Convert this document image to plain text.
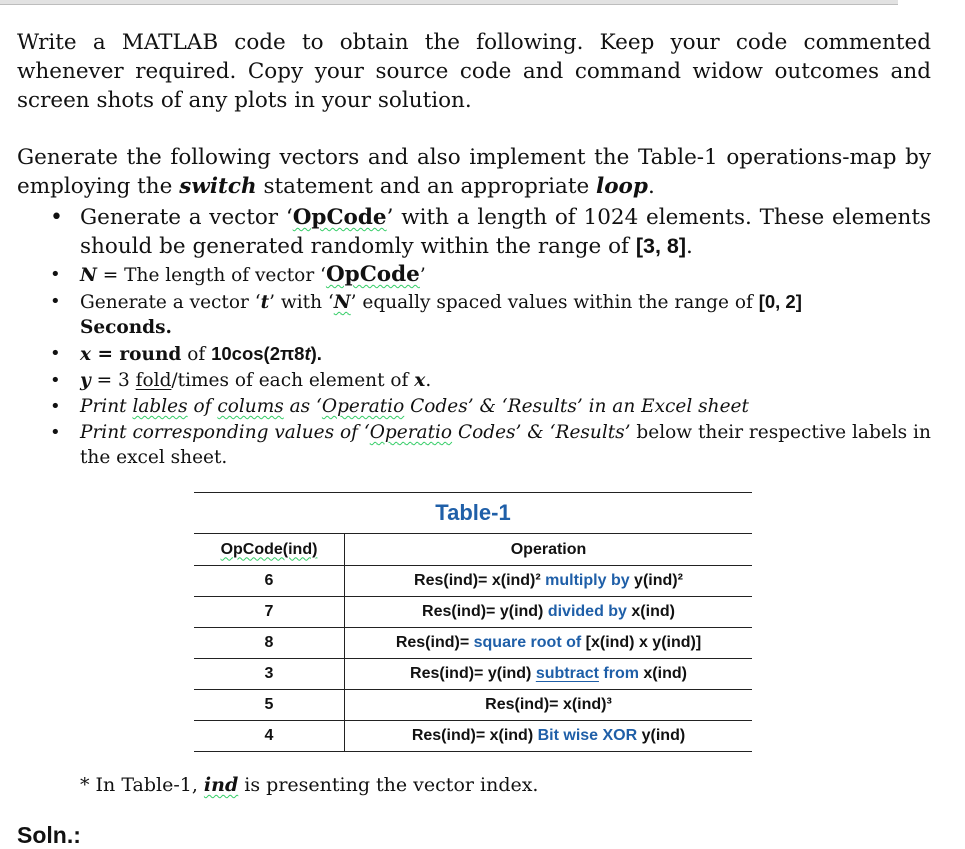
Write a MATLAB code to obtain the following. Keep your code commented whenever required. Copy your source code and command widow outcomes and screen shots of any plots in your solution.

Generate the following vectors and also implement the Table-1 operations-map by employing the switch statement and an appropriate loop.

• Generate a vector ‘OpCode’ with a length of 1024 elements. These elements should be generated randomly within the range of [3, 8].
• N = The length of vector ‘OpCode’
• Generate a vector ‘t’ with ‘N’ equally spaced values within the range of [0, 2]
Seconds.
• x = round of 10cos(2π8t).
• y = 3 fold/times of each element of x.
• Print lables of colums as ‘Operatio Codes’ & ‘Results’ in an Excel sheet
• Print corresponding values of ‘Operatio Codes’ & ‘Results’ below their respective labels in the excel sheet.
Table-1
OpCode(ind)	Operation
6	Res(ind)= x(ind)² multiply by y(ind)²
7	Res(ind)= y(ind) divided by x(ind)
8	Res(ind)= square root of [x(ind) x y(ind)]
3	Res(ind)= y(ind) subtract from x(ind)
5	Res(ind)= x(ind)³
4	Res(ind)= x(ind) Bit wise XOR y(ind)
* In Table-1, ind is presenting the vector index.
Soln.:
